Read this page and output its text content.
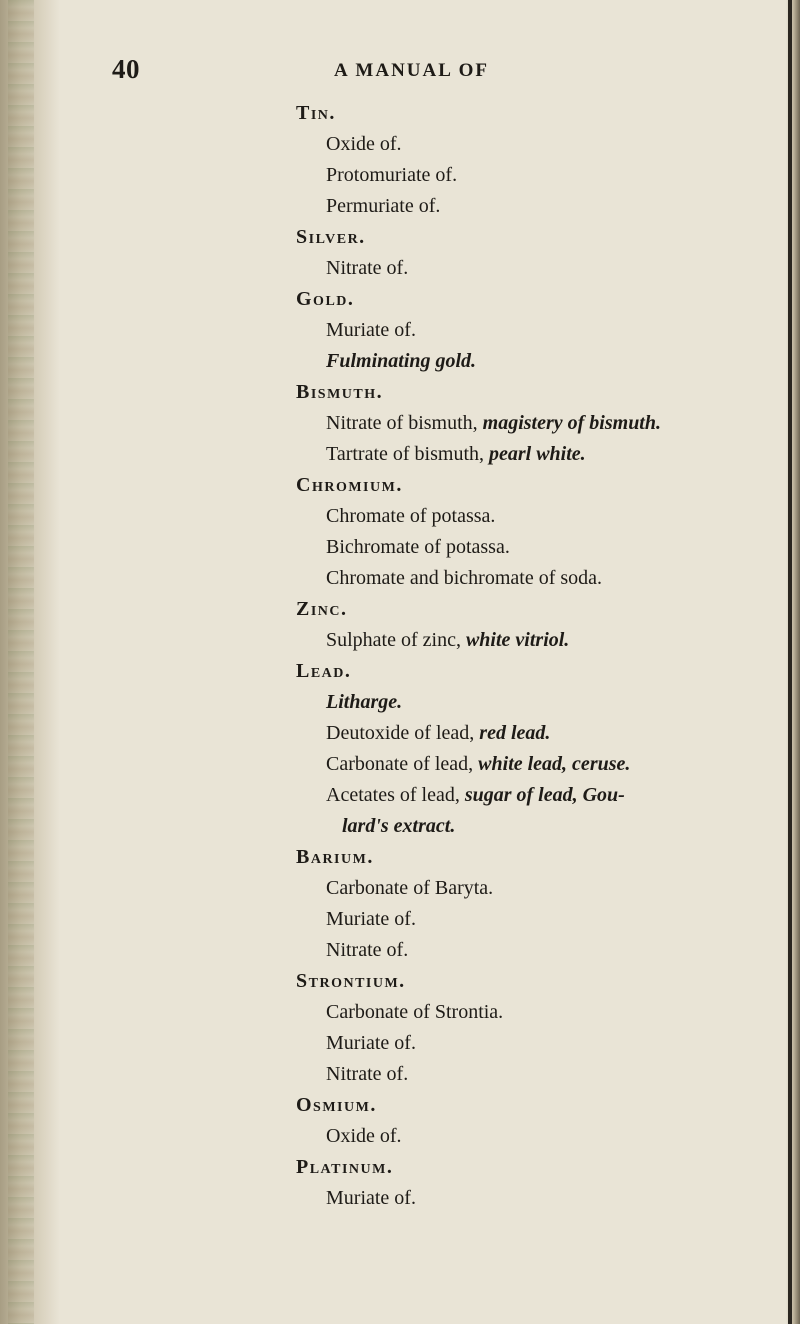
40	A MANUAL OF
Tin.
Oxide of.
Protomuriate of.
Permuriate of.
Silver.
Nitrate of.
Gold.
Muriate of.
Fulminating gold.
Bismuth.
Nitrate of bismuth, magistery of bismuth.
Tartrate of bismuth, pearl white.
Chromium.
Chromate of potassa.
Bichromate of potassa.
Chromate and bichromate of soda.
Zinc.
Sulphate of zinc, white vitriol.
Lead.
Litharge.
Deutoxide of lead, red lead.
Carbonate of lead, white lead, ceruse.
Acetates of lead, sugar of lead, Gou-
lard's extract.
Barium.
Carbonate of Baryta.
Muriate of.
Nitrate of.
Strontium.
Carbonate of Strontia.
Muriate of.
Nitrate of.
Osmium.
Oxide of.
Platinum.
Muriate of.
